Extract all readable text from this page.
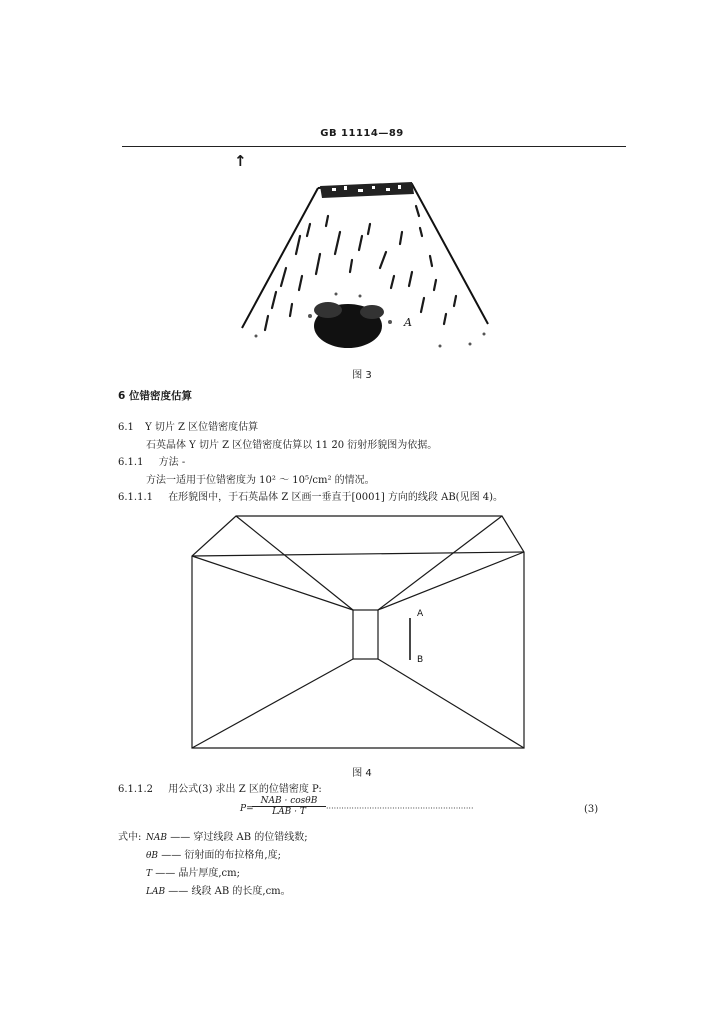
GB 11114—89
↑
A
图 3
6 位错密度估算
6.1 Y 切片 Z 区位错密度估算
石英晶体 Y 切片 Z 区位错密度估算以 11 2̄0 衍射形貌图为依据。
6.1.1 方法 -
方法一适用于位错密度为 10² ～ 10⁵/cm² 的情况。
6.1.1.1 在形貌图中，于石英晶体 Z 区画一垂直于[0001] 方向的线段 AB(见图 4)。
A
B
图 4
6.1.1.2 用公式(3) 求出 Z 区的位错密度 P:
P=
NAB · cosθB
LAB · T	··························································	(3)
式中: NAB —— 穿过线段 AB 的位错线数;
θB —— 衍射面的布拉格角,度;
T —— 晶片厚度,cm;
LAB —— 线段 AB 的长度,cm。
